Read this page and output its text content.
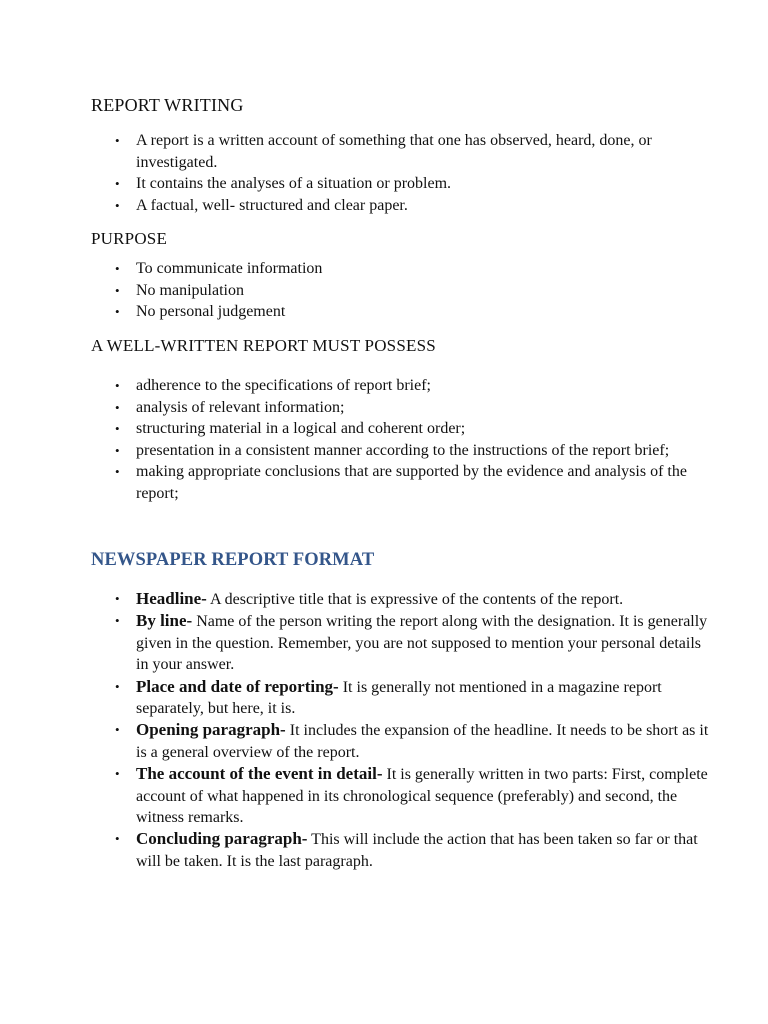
REPORT WRITING
• A report is a written account of something that one has observed, heard, done, or investigated.
• It contains the analyses of a situation or problem.
• A factual, well- structured and clear paper.
PURPOSE
• To communicate information
• No manipulation
• No personal judgement
A WELL-WRITTEN REPORT MUST POSSESS
• adherence to the specifications of report brief;
• analysis of relevant information;
• structuring material in a logical and coherent order;
• presentation in a consistent manner according to the instructions of the report brief;
• making appropriate conclusions that are supported by the evidence and analysis of the report;
NEWSPAPER REPORT FORMAT
• Headline- A descriptive title that is expressive of the contents of the report.
• By line- Name of the person writing the report along with the designation. It is generally given in the question. Remember, you are not supposed to mention your personal details in your answer.
• Place and date of reporting- It is generally not mentioned in a magazine report separately, but here, it is.
• Opening paragraph- It includes the expansion of the headline. It needs to be short as it is a general overview of the report.
• The account of the event in detail- It is generally written in two parts: First, complete account of what happened in its chronological sequence (preferably) and second, the witness remarks.
• Concluding paragraph- This will include the action that has been taken so far or that will be taken. It is the last paragraph.
